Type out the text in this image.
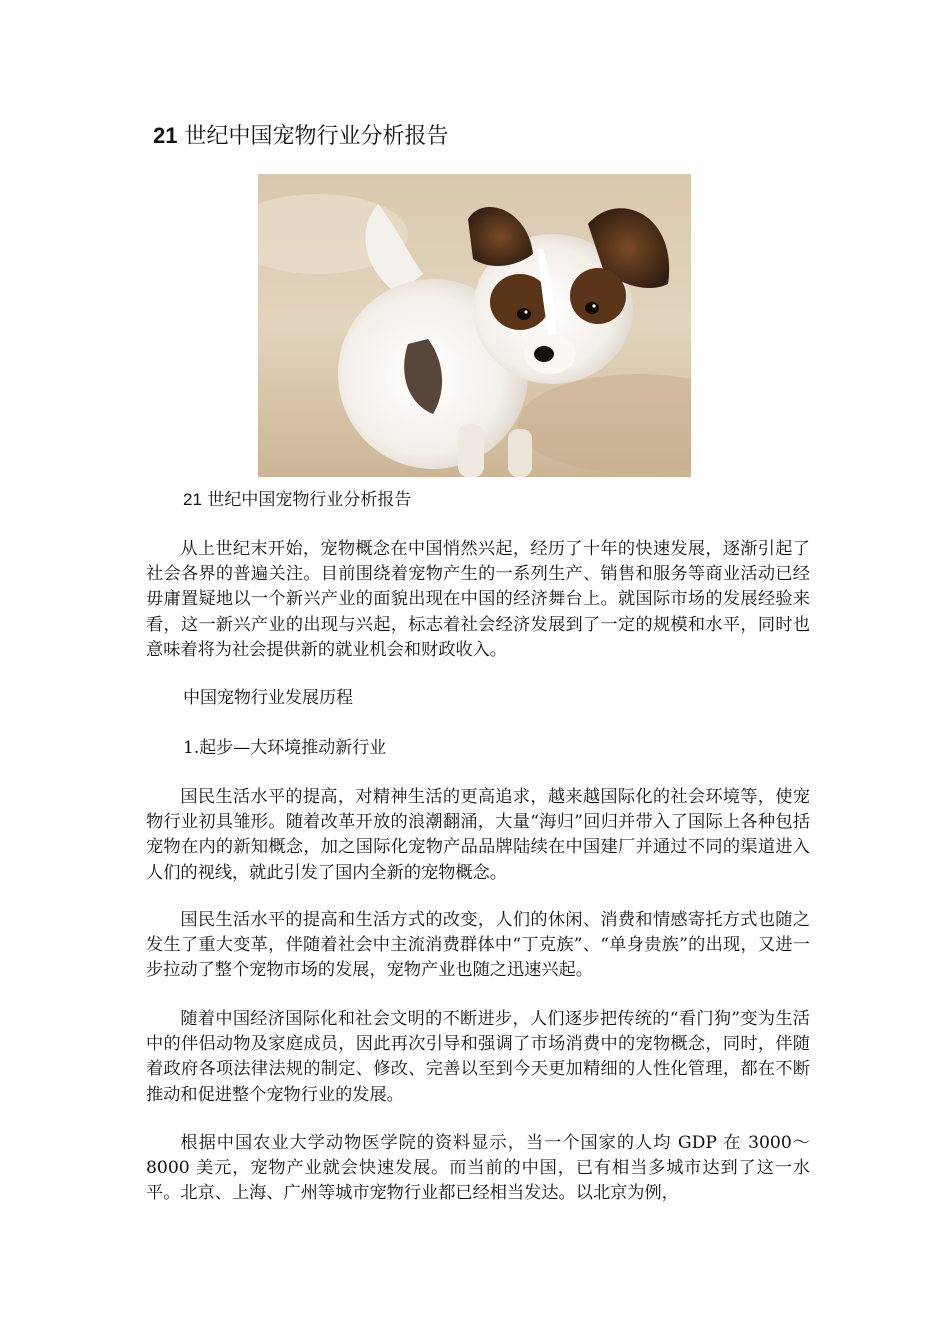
21 世纪中国宠物行业分析报告
21 世纪中国宠物行业分析报告

从上世纪末开始，宠物概念在中国悄然兴起，经历了十年的快速发展，逐渐引起了社会各界的普遍关注。目前围绕着宠物产生的一系列生产、销售和服务等商业活动已经毋庸置疑地以一个新兴产业的面貌出现在中国的经济舞台上。就国际市场的发展经验来看，这一新兴产业的出现与兴起，标志着社会经济发展到了一定的规模和水平，同时也意味着将为社会提供新的就业机会和财政收入。

中国宠物行业发展历程
1.起步—大环境推动新行业

国民生活水平的提高，对精神生活的更高追求，越来越国际化的社会环境等，使宠物行业初具雏形。随着改革开放的浪潮翻涌，大量“海归”回归并带入了国际上各种包括宠物在内的新知概念，加之国际化宠物产品品牌陆续在中国建厂并通过不同的渠道进入人们的视线，就此引发了国内全新的宠物概念。

国民生活水平的提高和生活方式的改变，人们的休闲、消费和情感寄托方式也随之发生了重大变革，伴随着社会中主流消费群体中“丁克族”、“单身贵族”的出现，又进一步拉动了整个宠物市场的发展，宠物产业也随之迅速兴起。

随着中国经济国际化和社会文明的不断进步，人们逐步把传统的“看门狗”变为生活中的伴侣动物及家庭成员，因此再次引导和强调了市场消费中的宠物概念，同时，伴随着政府各项法律法规的制定、修改、完善以至到今天更加精细的人性化管理，都在不断推动和促进整个宠物行业的发展。

根据中国农业大学动物医学院的资料显示，当一个国家的人均 GDP 在 3000～8000 美元，宠物产业就会快速发展。而当前的中国，已有相当多城市达到了这一水平。北京、上海、广州等城市宠物行业都已经相当发达。以北京为例，
